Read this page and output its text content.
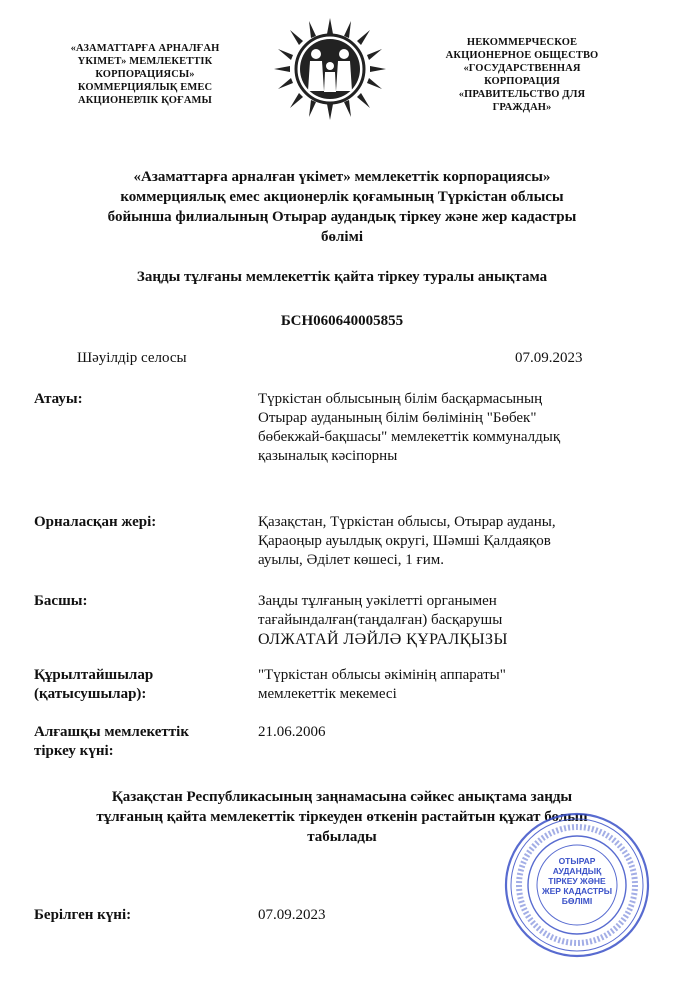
«АЗАМАТТАРҒА АРНАЛҒАН
ҮКІМЕТ» МЕМЛЕКЕТТІК
КОРПОРАЦИЯСЫ»
КОММЕРЦИЯЛЫҚ ЕМЕС
АКЦИОНЕРЛІК ҚОҒАМЫ
НЕКОММЕРЧЕСКОЕ
АКЦИОНЕРНОЕ ОБЩЕСТВО
«ГОСУДАРСТВЕННАЯ
КОРПОРАЦИЯ
«ПРАВИТЕЛЬСТВО ДЛЯ
ГРАЖДАН»
«Азаматтарға арналған үкімет» мемлекеттік корпорациясы»
коммерциялық емес акционерлік қоғамының Түркістан облысы
бойынша филиалының Отырар аудандық тіркеу және жер кадастры
бөлімі
Заңды тұлғаны мемлекеттік қайта тіркеу туралы анықтама
БСН060640005855
Шәуілдір селосы	07.09.2023
Атауы:	Түркістан облысының білім басқармасының
Отырар ауданының білім бөлімінің "Бөбек"
бөбекжай-бақшасы" мемлекеттік коммуналдық
қазыналық кәсіпорны
Орналасқан жері:	Қазақстан, Түркістан облысы, Отырар ауданы,
Қараоңыр ауылдық округі, Шәмші Қалдаяқов
ауылы, Әділет көшесі, 1 ғим.
Басшы:	Заңды тұлғаның уәкілетті органымен
тағайындалған(таңдалған) басқарушы
ОЛЖАТАЙ ЛӘЙЛӘ ҚҰРАЛҚЫЗЫ
Құрылтайшылар
(қатысушылар):
"Түркістан облысы әкімінің аппараты"
мемлекеттік мекемесі
Алғашқы мемлекеттік
тіркеу күні:
21.06.2006
Қазақстан Республикасының заңнамасына сәйкес анықтама заңды
тұлғаның қайта мемлекеттік тіркеуден өткенін растайтын құжат болып
табылады
ОТЫРАР
АУДАНДЫҚ
ТІРКЕУ ЖӘНЕ
ЖЕР КАДАСТРЫ
БӨЛІМІ
Берілген күні:	07.09.2023
